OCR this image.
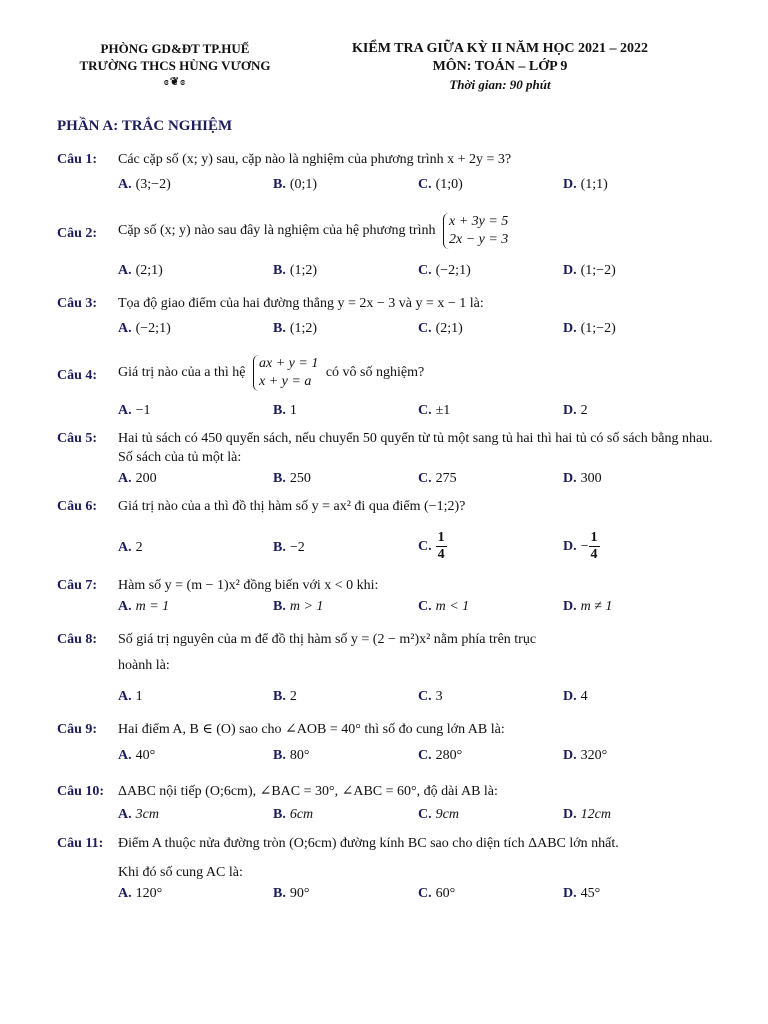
PHÒNG GD&ĐT TP.HUẾ
TRƯỜNG THCS HÙNG VƯƠNG
ɞ❦ɞ
KIỂM TRA GIỮA KỲ II NĂM HỌC 2021 – 2022
MÔN: TOÁN – LỚP 9
Thời gian: 90 phút
PHẦN A: TRẮC NGHIỆM
Câu 1: Các cặp số (x; y) sau, cặp nào là nghiệm của phương trình x + 2y = 3?
A. (3;−2)	B. (0;1)	C. (1;0)	D. (1;1)
Câu 2: Cặp số (x; y) nào sau đây là nghiệm của hệ phương trình
x + 3y = 5
2x − y = 3
A. (2;1)	B. (1;2)	C. (−2;1)	D. (1;−2)
Câu 3: Tọa độ giao điểm của hai đường thẳng y = 2x − 3 và y = x − 1 là:
A. (−2;1)	B. (1;2)	C. (2;1)	D. (1;−2)
Câu 4: Giá trị nào của a thì hệ
ax + y = 1
x + y = a
có vô số nghiệm?
A. −1	B. 1	C. ±1	D. 2
Câu 5: Hai tủ sách có 450 quyển sách, nếu chuyển 50 quyển từ tủ một sang tủ hai thì hai tủ có số sách bằng nhau. Số sách của tủ một là:
A. 200	B. 250	C. 275	D. 300
Câu 6: Giá trị nào của a thì đồ thị hàm số y = ax² đi qua điểm (−1;2)?
A. 2	B. −2	C. $\frac{1}{4}$	D. − $\frac{1}{4}$
Câu 7: Hàm số y = (m − 1)x² đồng biến với x < 0 khi:
A. m = 1	B. m > 1	C. m < 1	D. m ≠ 1
Câu 8: Số giá trị nguyên của m để đồ thị hàm số y = (2 − m²)x² nằm phía trên trục
hoành là:
A. 1	B. 2	C. 3	D. 4
Câu 9: Hai điểm A, B ∈ (O) sao cho ∠AOB = 40° thì số đo cung lớn AB là:
A. 40°	B. 80°	C. 280°	D. 320°
Câu 10: ΔABC nội tiếp (O;6cm), ∠BAC = 30°, ∠ABC = 60°, độ dài AB là:
A. 3cm	B. 6cm	C. 9cm	D. 12cm
Câu 11: Điểm A thuộc nửa đường tròn (O;6cm) đường kính BC sao cho diện tích ΔABC lớn nhất.
Khi đó số cung AC là:
A. 120°	B. 90°	C. 60°	D. 45°
